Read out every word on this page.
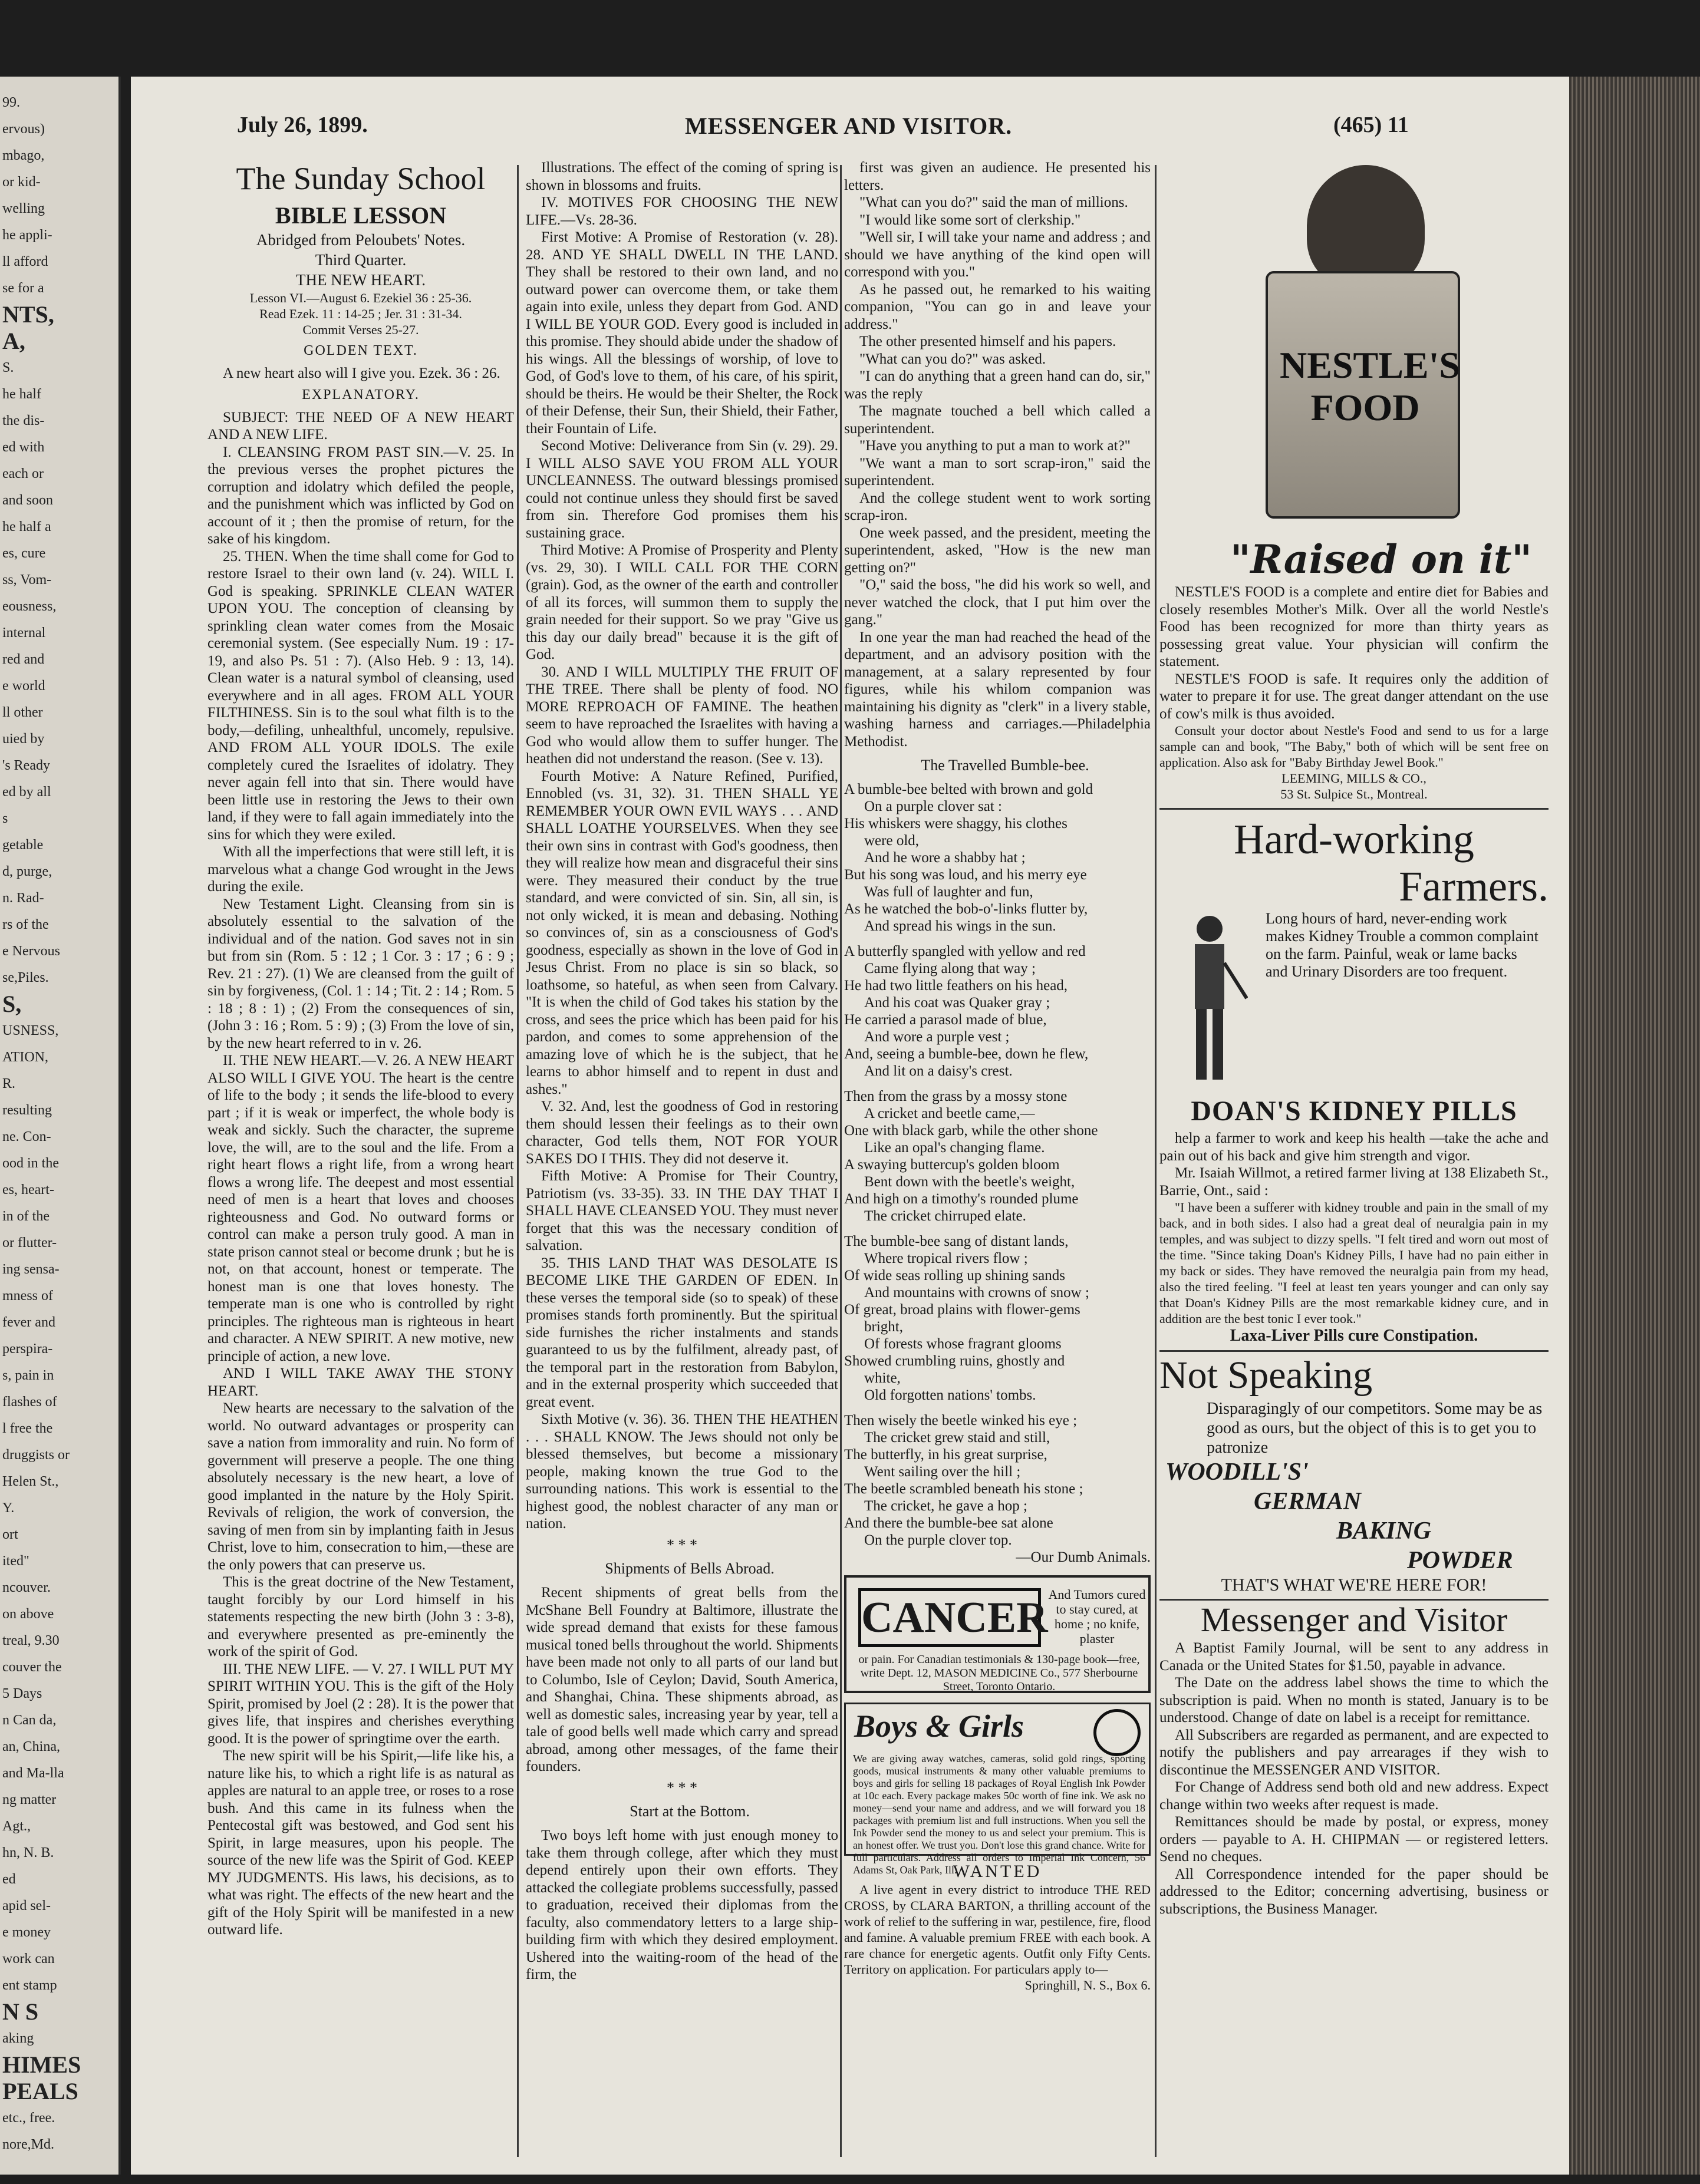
99.
ervous)
mbago,
or kid-
welling
he appli-
ll afford
se for a
NTS,
A,
S.
he half
the dis-
ed with
each or
and soon
he half a
es, cure
ss, Vom-
eousness,
internal
red and
e world
ll other
uied by
's Ready
ed by all
s
getable
d, purge,
n. Rad-
rs of the
e Nervous
se,Piles.
S,
USNESS,
ATION,
R.
resulting
ne. Con-
ood in the
es, heart-
in of the
or flutter-
ing sensa-
mness of
fever and
perspira-
s, pain in
flashes of
l free the
druggists or
Helen St.,
Y.
ort
ited"
ncouver.
on above
treal, 9.30
couver the
5 Days
n Can da,
an, China,
and Ma-lla
ng matter
Agt.,
hn, N. B.
ed
apid sel-
e money
work can
ent stamp
N S
aking
HIMES
PEALS
etc., free.
nore,Md.
July 26, 1899.	MESSENGER AND VISITOR.	(465) 11
The Sunday School
BIBLE LESSON

Abridged from Peloubets' Notes.

Third Quarter.

THE NEW HEART.

Lesson VI.—August 6. Ezekiel 36 : 25-36.

Read Ezek. 11 : 14-25 ; Jer. 31 : 31-34.

Commit Verses 25-27.

GOLDEN TEXT.

A new heart also will I give you. Ezek. 36 : 26.

EXPLANATORY.

SUBJECT: THE NEED OF A NEW HEART AND A NEW LIFE.

I. CLEANSING FROM PAST SIN.—V. 25. In the previous verses the prophet pictures the corruption and idolatry which defiled the people, and the punishment which was inflicted by God on account of it ; then the promise of return, for the sake of his kingdom.

25. THEN. When the time shall come for God to restore Israel to their own land (v. 24). WILL I. God is speaking. SPRINKLE CLEAN WATER UPON YOU. The conception of cleansing by sprinkling clean water comes from the Mosaic ceremonial system. (See especially Num. 19 : 17-19, and also Ps. 51 : 7). (Also Heb. 9 : 13, 14). Clean water is a natural symbol of cleansing, used everywhere and in all ages. FROM ALL YOUR FILTHINESS. Sin is to the soul what filth is to the body,—defiling, unhealthful, uncomely, repulsive. AND FROM ALL YOUR IDOLS. The exile completely cured the Israelites of idolatry. They never again fell into that sin. There would have been little use in restoring the Jews to their own land, if they were to fall again immediately into the sins for which they were exiled.

With all the imperfections that were still left, it is marvelous what a change God wrought in the Jews during the exile.

New Testament Light. Cleansing from sin is absolutely essential to the salvation of the individual and of the nation. God saves not in sin but from sin (Rom. 5 : 12 ; 1 Cor. 3 : 17 ; 6 : 9 ; Rev. 21 : 27). (1) We are cleansed from the guilt of sin by forgiveness, (Col. 1 : 14 ; Tit. 2 : 14 ; Rom. 5 : 18 ; 8 : 1) ; (2) From the consequences of sin, (John 3 : 16 ; Rom. 5 : 9) ; (3) From the love of sin, by the new heart referred to in v. 26.

II. THE NEW HEART.—V. 26. A NEW HEART ALSO WILL I GIVE YOU. The heart is the centre of life to the body ; it sends the life-blood to every part ; if it is weak or imperfect, the whole body is weak and sickly. Such the character, the supreme love, the will, are to the soul and the life. From a right heart flows a right life, from a wrong heart flows a wrong life. The deepest and most essential need of men is a heart that loves and chooses righteousness and God. No outward forms or control can make a person truly good. A man in state prison cannot steal or become drunk ; but he is not, on that account, honest or temperate. The honest man is one that loves honesty. The temperate man is one who is controlled by right principles. The righteous man is righteous in heart and character. A NEW SPIRIT. A new motive, new principle of action, a new love.

AND I WILL TAKE AWAY THE STONY HEART.

New hearts are necessary to the salvation of the world. No outward advantages or prosperity can save a nation from immorality and ruin. No form of government will preserve a people. The one thing absolutely necessary is the new heart, a love of good implanted in the nature by the Holy Spirit. Revivals of religion, the work of conversion, the saving of men from sin by implanting faith in Jesus Christ, love to him, consecration to him,—these are the only powers that can preserve us.

This is the great doctrine of the New Testament, taught forcibly by our Lord himself in his statements respecting the new birth (John 3 : 3-8), and everywhere presented as pre-eminently the work of the spirit of God.

III. THE NEW LIFE. — V. 27. I WILL PUT MY SPIRIT WITHIN YOU. This is the gift of the Holy Spirit, promised by Joel (2 : 28). It is the power that gives life, that inspires and cherishes everything good. It is the power of springtime over the earth.

The new spirit will be his Spirit,—life like his, a nature like his, to which a right life is as natural as apples are natural to an apple tree, or roses to a rose bush. And this came in its fulness when the Pentecostal gift was bestowed, and God sent his Spirit, in large measures, upon his people. The source of the new life was the Spirit of God. KEEP MY JUDGMENTS. His laws, his decisions, as to what was right. The effects of the new heart and the gift of the Holy Spirit will be manifested in a new outward life.

Illustrations. The effect of the coming of spring is shown in blossoms and fruits.

IV. MOTIVES FOR CHOOSING THE NEW LIFE.—Vs. 28-36.

First Motive: A Promise of Restoration (v. 28). 28. AND YE SHALL DWELL IN THE LAND. They shall be restored to their own land, and no outward power can overcome them, or take them again into exile, unless they depart from God. AND I WILL BE YOUR GOD. Every good is included in this promise. They should abide under the shadow of his wings. All the blessings of worship, of love to God, of God's love to them, of his care, of his spirit, should be theirs. He would be their Shelter, the Rock of their Defense, their Sun, their Shield, their Father, their Fountain of Life.

Second Motive: Deliverance from Sin (v. 29). 29. I WILL ALSO SAVE YOU FROM ALL YOUR UNCLEANNESS. The outward blessings promised could not continue unless they should first be saved from sin. Therefore God promises them his sustaining grace.

Third Motive: A Promise of Prosperity and Plenty (vs. 29, 30). I WILL CALL FOR THE CORN (grain). God, as the owner of the earth and controller of all its forces, will summon them to supply the grain needed for their support. So we pray "Give us this day our daily bread" because it is the gift of God.

30. AND I WILL MULTIPLY THE FRUIT OF THE TREE. There shall be plenty of food. NO MORE REPROACH OF FAMINE. The heathen seem to have reproached the Israelites with having a God who would allow them to suffer hunger. The heathen did not understand the reason. (See v. 13).

Fourth Motive: A Nature Refined, Purified, Ennobled (vs. 31, 32). 31. THEN SHALL YE REMEMBER YOUR OWN EVIL WAYS . . . AND SHALL LOATHE YOURSELVES. When they see their own sins in contrast with God's goodness, then they will realize how mean and disgraceful their sins were. They measured their conduct by the true standard, and were convicted of sin. Sin, all sin, is not only wicked, it is mean and debasing. Nothing so convinces of, sin as a consciousness of God's goodness, especially as shown in the love of God in Jesus Christ. From no place is sin so black, so loathsome, so hateful, as when seen from Calvary. "It is when the child of God takes his station by the cross, and sees the price which has been paid for his pardon, and comes to some apprehension of the amazing love of which he is the subject, that he learns to abhor himself and to repent in dust and ashes."

V. 32. And, lest the goodness of God in restoring them should lessen their feelings as to their own character, God tells them, NOT FOR YOUR SAKES DO I THIS. They did not deserve it.

Fifth Motive: A Promise for Their Country, Patriotism (vs. 33-35). 33. IN THE DAY THAT I SHALL HAVE CLEANSED YOU. They must never forget that this was the necessary condition of salvation.

35. THIS LAND THAT WAS DESOLATE IS BECOME LIKE THE GARDEN OF EDEN. In these verses the temporal side (so to speak) of these promises stands forth prominently. But the spiritual side furnishes the richer instalments and stands guaranteed to us by the fulfilment, already past, of the temporal part in the restoration from Babylon, and in the external prosperity which succeeded that great event.

Sixth Motive (v. 36). 36. THEN THE HEATHEN . . . SHALL KNOW. The Jews should not only be blessed themselves, but become a missionary people, making known the true God to the surrounding nations. This work is essential to the highest good, the noblest character of any man or nation.

* * *

Shipments of Bells Abroad.

Recent shipments of great bells from the McShane Bell Foundry at Baltimore, illustrate the wide spread demand that exists for these famous musical toned bells throughout the world. Shipments have been made not only to all parts of our land but to Columbo, Isle of Ceylon; David, South America, and Shanghai, China. These shipments abroad, as well as domestic sales, increasing year by year, tell a tale of good bells well made which carry and spread abroad, among other messages, of the fame their founders.

* * *

Start at the Bottom.

Two boys left home with just enough money to take them through college, after which they must depend entirely upon their own efforts. They attacked the collegiate problems successfully, passed to graduation, received their diplomas from the faculty, also commendatory letters to a large ship-building firm with which they desired employment. Ushered into the waiting-room of the head of the firm, the

first was given an audience. He presented his letters.

"What can you do?" said the man of millions.

"I would like some sort of clerkship."

"Well sir, I will take your name and address ; and should we have anything of the kind open will correspond with you."

As he passed out, he remarked to his waiting companion, "You can go in and leave your address."

The other presented himself and his papers.

"What can you do?" was asked.

"I can do anything that a green hand can do, sir," was the reply

The magnate touched a bell which called a superintendent.

"Have you anything to put a man to work at?"

"We want a man to sort scrap-iron," said the superintendent.

And the college student went to work sorting scrap-iron.

One week passed, and the president, meeting the superintendent, asked, "How is the new man getting on?"

"O," said the boss, "he did his work so well, and never watched the clock, that I put him over the gang."

In one year the man had reached the head of the department, and an advisory position with the management, at a salary represented by four figures, while his whilom companion was maintaining his dignity as "clerk" in a livery stable, washing harness and carriages.—Philadelphia Methodist.

The Travelled Bumble-bee.

A bumble-bee belted with brown and gold

On a purple clover sat :

His whiskers were shaggy, his clothes

were old,

And he wore a shabby hat ;

But his song was loud, and his merry eye

Was full of laughter and fun,

As he watched the bob-o'-links flutter by,

And spread his wings in the sun.

A butterfly spangled with yellow and red

Came flying along that way ;

He had two little feathers on his head,

And his coat was Quaker gray ;

He carried a parasol made of blue,

And wore a purple vest ;

And, seeing a bumble-bee, down he flew,

And lit on a daisy's crest.

Then from the grass by a mossy stone

A cricket and beetle came,—

One with black garb, while the other shone

Like an opal's changing flame.

A swaying buttercup's golden bloom

Bent down with the beetle's weight,

And high on a timothy's rounded plume

The cricket chirruped elate.

The bumble-bee sang of distant lands,

Where tropical rivers flow ;

Of wide seas rolling up shining sands

And mountains with crowns of snow ;

Of great, broad plains with flower-gems

bright,

Of forests whose fragrant glooms

Showed crumbling ruins, ghostly and

white,

Old forgotten nations' tombs.

Then wisely the beetle winked his eye ;

The cricket grew staid and still,

The butterfly, in his great surprise,

Went sailing over the hill ;

The beetle scrambled beneath his stone ;

The cricket, he gave a hop ;

And there the bumble-bee sat alone

On the purple clover top.

—Our Dumb Animals.

CANCER And Tumors cured to stay cured, at home ; no knife, plaster
or pain. For Canadian testimonials & 130-page book—free, write Dept. 12, MASON MEDICINE Co., 577 Sherbourne Street, Toronto Ontario.
Boys & Girls
We are giving away watches, cameras, solid gold rings, sporting goods, musical instruments & many other valuable premiums to boys and girls for selling 18 packages of Royal English Ink Powder at 10c each. Every package makes 50c worth of fine ink. We ask no money—send your name and address, and we will forward you 18 packages with premium list and full instructions. When you sell the Ink Powder send the money to us and select your premium. This is an honest offer. We trust you. Don't lose this grand chance. Write for full particulars. Address all orders to Imperial Ink Concern, 56 Adams St, Oak Park, Ill.

WANTED

A live agent in every district to introduce THE RED CROSS, by CLARA BARTON, a thrilling account of the work of relief to the suffering in war, pestilence, fire, flood and famine. A valuable premium FREE with each book. A rare chance for energetic agents. Outfit only Fifty Cents. Territory on application. For particulars apply to—

Springhill, N. S., Box 6.

NESTLE'S FOOD
"Raised on it"

NESTLE'S FOOD is a complete and entire diet for Babies and closely resembles Mother's Milk. Over all the world Nestle's Food has been recognized for more than thirty years as possessing great value. Your physician will confirm the statement.

NESTLE'S FOOD is safe. It requires only the addition of water to prepare it for use. The great danger attendant on the use of cow's milk is thus avoided.

Consult your doctor about Nestle's Food and send to us for a large sample can and book, "The Baby," both of which will be sent free on application. Also ask for "Baby Birthday Jewel Book."

LEEMING, MILLS & CO.,

53 St. Sulpice St., Montreal.

Hard-working
Farmers.
Long hours of hard, never-ending work makes Kidney Trouble a common complaint on the farm. Painful, weak or lame backs and Urinary Disorders are too frequent.
DOAN'S KIDNEY PILLS

help a farmer to work and keep his health —take the ache and pain out of his back and give him strength and vigor.

Mr. Isaiah Willmot, a retired farmer living at 138 Elizabeth St., Barrie, Ont., said :

"I have been a sufferer with kidney trouble and pain in the small of my back, and in both sides. I also had a great deal of neuralgia pain in my temples, and was subject to dizzy spells. "I felt tired and worn out most of the time. "Since taking Doan's Kidney Pills, I have had no pain either in my back or sides. They have removed the neuralgia pain from my head, also the tired feeling. "I feel at least ten years younger and can only say that Doan's Kidney Pills are the most remarkable kidney cure, and in addition are the best tonic I ever took."

Laxa-Liver Pills cure Constipation.
Not Speaking

Disparagingly of our competitors. Some may be as good as ours, but the object of this is to get you to patronize

WOODILL'S'
GERMAN
BAKING
POWDER

THAT'S WHAT WE'RE HERE FOR!

Messenger and Visitor

A Baptist Family Journal, will be sent to any address in Canada or the United States for $1.50, payable in advance.

The Date on the address label shows the time to which the subscription is paid. When no month is stated, January is to be understood. Change of date on label is a receipt for remittance.

All Subscribers are regarded as permanent, and are expected to notify the publishers and pay arrearages if they wish to discontinue the MESSENGER AND VISITOR.

For Change of Address send both old and new address. Expect change within two weeks after request is made.

Remittances should be made by postal, or express, money orders — payable to A. H. CHIPMAN — or registered letters. Send no cheques.

All Correspondence intended for the paper should be addressed to the Editor; concerning advertising, business or subscriptions, the Business Manager.
